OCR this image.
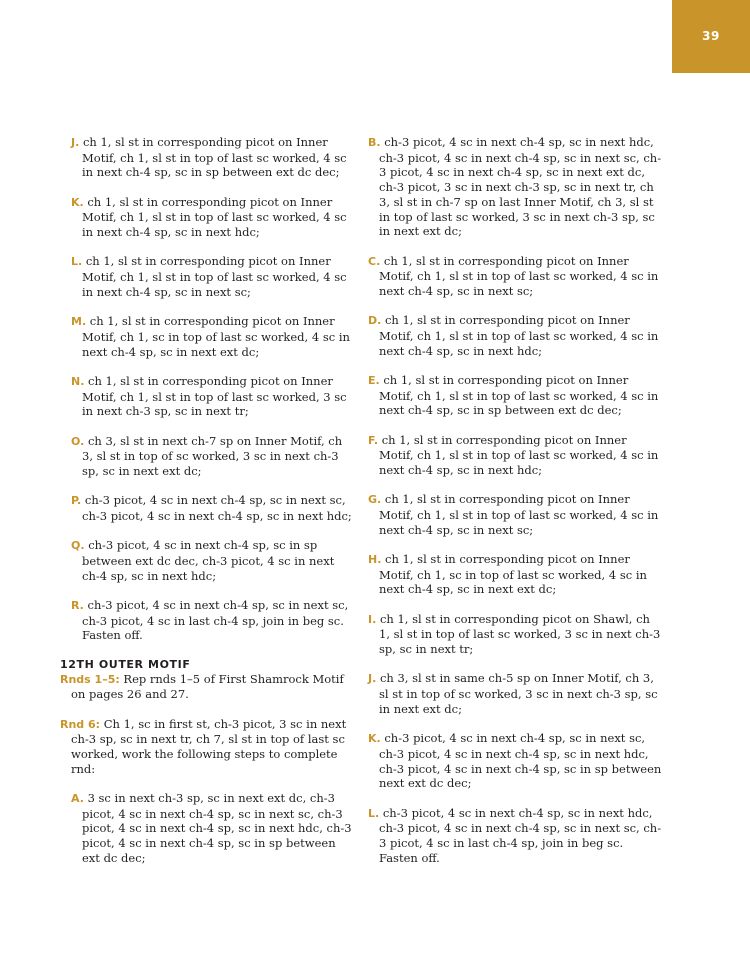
39

J. ch 1, sl st in corresponding picot on Inner Motif, ch 1, sl st in top of last sc worked, 4 sc in next ch-4 sp, sc in sp between ext dc dec;

K. ch 1, sl st in corresponding picot on Inner Motif, ch 1, sl st in top of last sc worked, 4 sc in next ch-4 sp, sc in next hdc;

L. ch 1, sl st in corresponding picot on Inner Motif, ch 1, sl st in top of last sc worked, 4 sc in next ch-4 sp, sc in next sc;

M. ch 1, sl st in corresponding picot on Inner Motif, ch 1, sc in top of last sc worked, 4 sc in next ch-4 sp, sc in next ext dc;

N. ch 1, sl st in corresponding picot on Inner Motif, ch 1, sl st in top of last sc worked, 3 sc in next ch-3 sp, sc in next tr;

O. ch 3, sl st in next ch-7 sp on Inner Motif, ch 3, sl st in top of sc worked, 3 sc in next ch-3 sp, sc in next ext dc;

P. ch-3 picot, 4 sc in next ch-4 sp, sc in next sc, ch-3 picot, 4 sc in next ch-4 sp, sc in next hdc;

Q. ch-3 picot, 4 sc in next ch-4 sp, sc in sp between ext dc dec, ch-3 picot, 4 sc in next ch-4 sp, sc in next hdc;

R. ch-3 picot, 4 sc in next ch-4 sp, sc in next sc, ch-3 picot, 4 sc in last ch-4 sp, join in beg sc. Fasten off.

12TH OUTER MOTIF

Rnds 1–5: Rep rnds 1–5 of First Shamrock Motif on pages 26 and 27.

Rnd 6: Ch 1, sc in first st, ch-3 picot, 3 sc in next ch-3 sp, sc in next tr, ch 7, sl st in top of last sc worked, work the following steps to complete rnd:

A. 3 sc in next ch-3 sp, sc in next ext dc, ch-3 picot, 4 sc in next ch-4 sp, sc in next sc, ch-3 picot, 4 sc in next ch-4 sp, sc in next hdc, ch-3 picot, 4 sc in next ch-4 sp, sc in sp between ext dc dec;

B. ch-3 picot, 4 sc in next ch-4 sp, sc in next hdc, ch-3 picot, 4 sc in next ch-4 sp, sc in next sc, ch-3 picot, 4 sc in next ch-4 sp, sc in next ext dc, ch-3 picot, 3 sc in next ch-3 sp, sc in next tr, ch 3, sl st in ch-7 sp on last Inner Motif, ch 3, sl st in top of last sc worked, 3 sc in next ch-3 sp, sc in next ext dc;

C. ch 1, sl st in corresponding picot on Inner Motif, ch 1, sl st in top of last sc worked, 4 sc in next ch-4 sp, sc in next sc;

D. ch 1, sl st in corresponding picot on Inner Motif, ch 1, sl st in top of last sc worked, 4 sc in next ch-4 sp, sc in next hdc;

E. ch 1, sl st in corresponding picot on Inner Motif, ch 1, sl st in top of last sc worked, 4 sc in next ch-4 sp, sc in sp between ext dc dec;

F. ch 1, sl st in corresponding picot on Inner Motif, ch 1, sl st in top of last sc worked, 4 sc in next ch-4 sp, sc in next hdc;

G. ch 1, sl st in corresponding picot on Inner Motif, ch 1, sl st in top of last sc worked, 4 sc in next ch-4 sp, sc in next sc;

H. ch 1, sl st in corresponding picot on Inner Motif, ch 1, sc in top of last sc worked, 4 sc in next ch-4 sp, sc in next ext dc;

I. ch 1, sl st in corresponding picot on Shawl, ch 1, sl st in top of last sc worked, 3 sc in next ch-3 sp, sc in next tr;

J. ch 3, sl st in same ch-5 sp on Inner Motif, ch 3, sl st in top of sc worked, 3 sc in next ch-3 sp, sc in next ext dc;

K. ch-3 picot, 4 sc in next ch-4 sp, sc in next sc, ch-3 picot, 4 sc in next ch-4 sp, sc in next hdc, ch-3 picot, 4 sc in next ch-4 sp, sc in sp between next ext dc dec;

L. ch-3 picot, 4 sc in next ch-4 sp, sc in next hdc, ch-3 picot, 4 sc in next ch-4 sp, sc in next sc, ch-3 picot, 4 sc in last ch-4 sp, join in beg sc. Fasten off.
